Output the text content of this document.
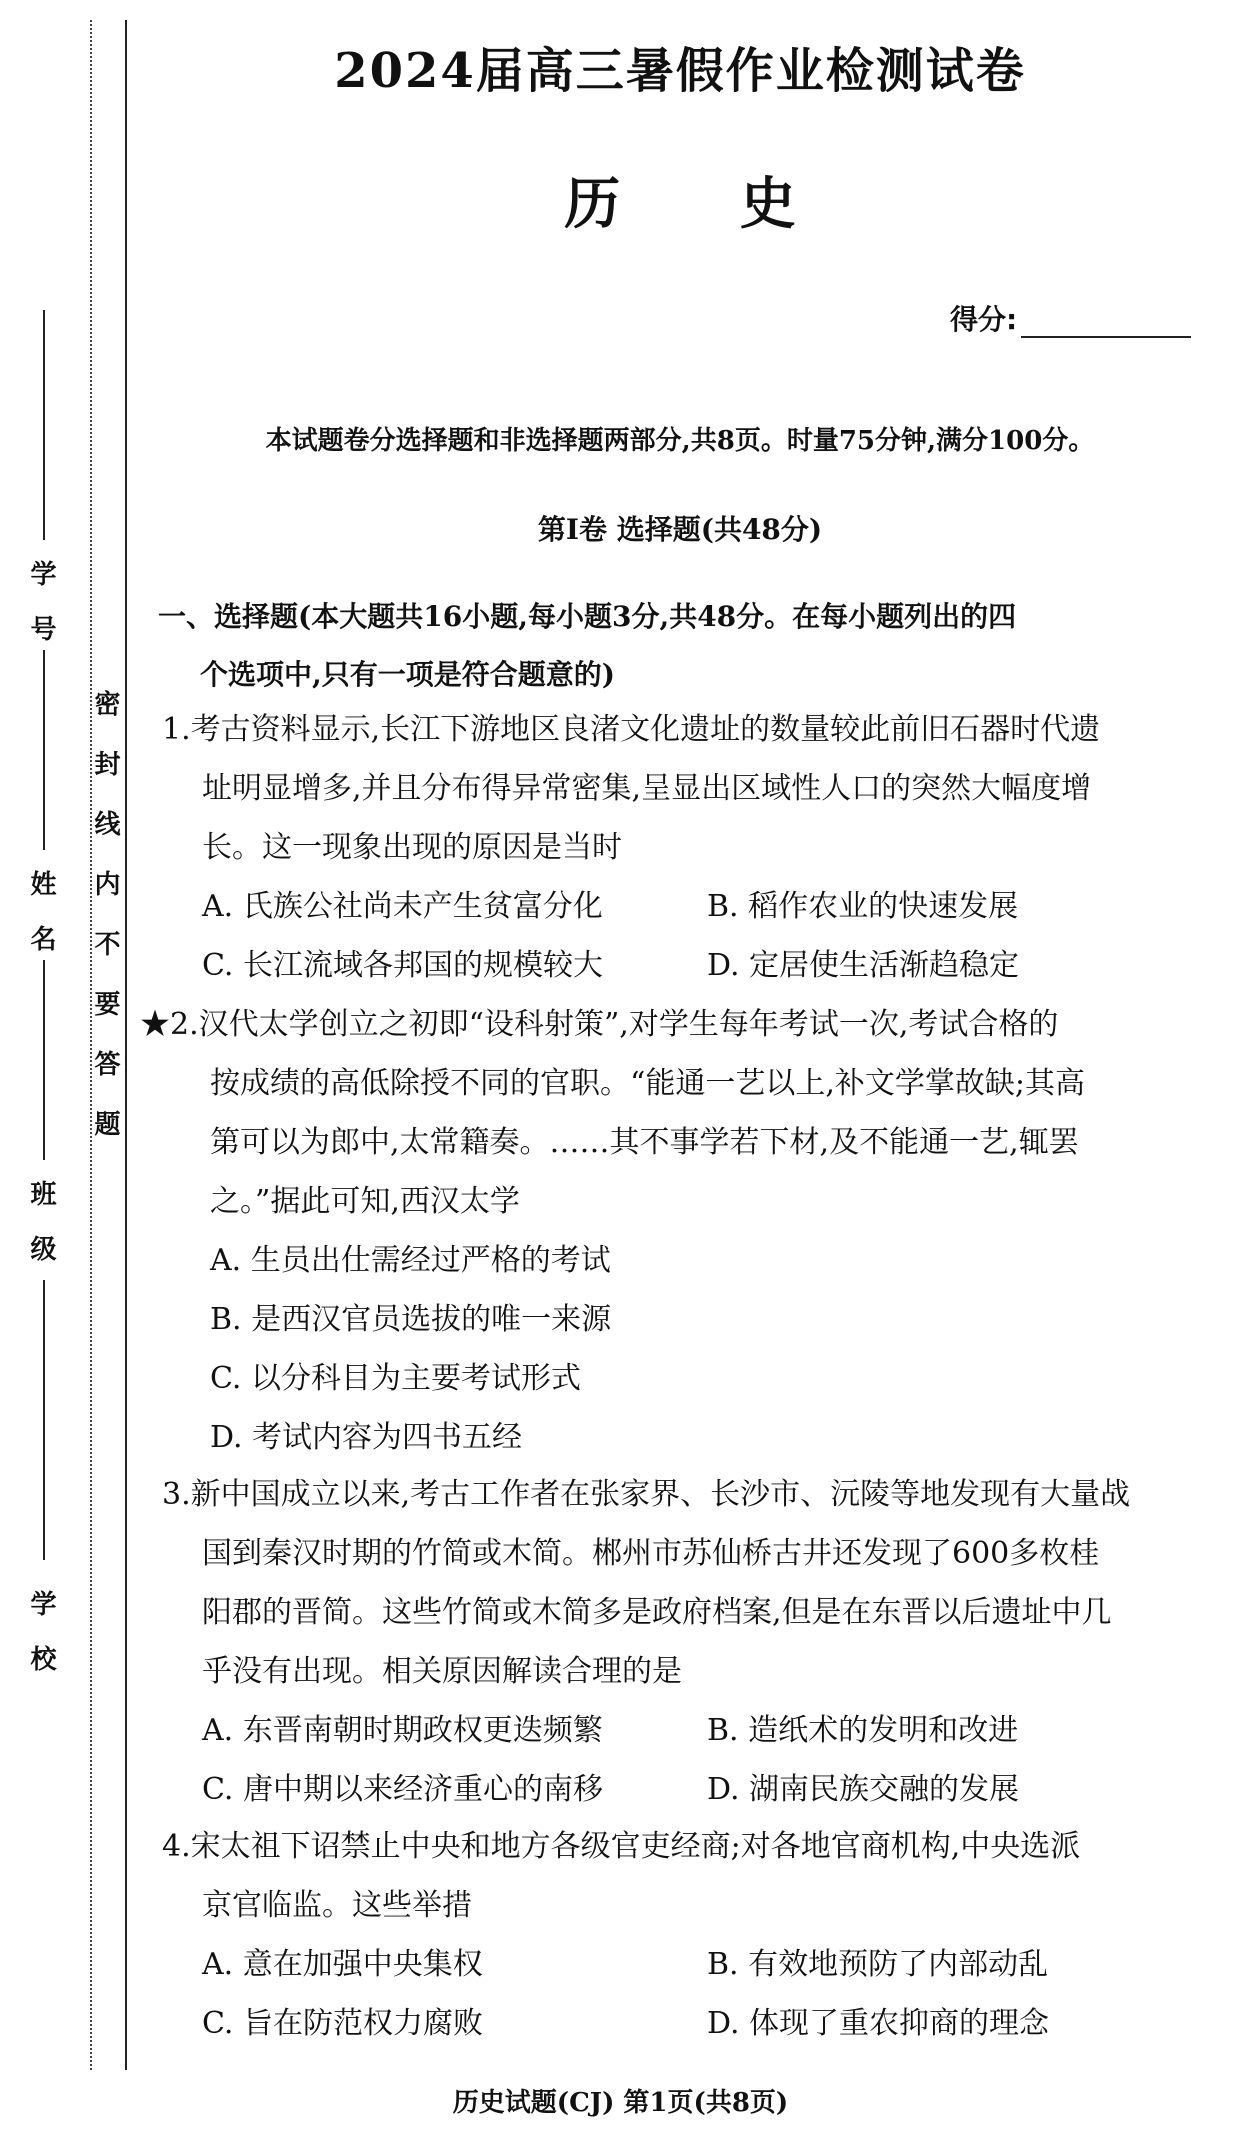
学 号
姓 名
班 级
学 校
密封线内不要答题
2024届高三暑假作业检测试卷
历 史
得分:
本试题卷分选择题和非选择题两部分,共8页。时量75分钟,满分100分。
第Ⅰ卷 选择题(共48分)
一、选择题(本大题共16小题,每小题3分,共48分。在每小题列出的四
个选项中,只有一项是符合题意的)
1.考古资料显示,长江下游地区良渚文化遗址的数量较此前旧石器时代遗
址明显增多,并且分布得异常密集,呈显出区域性人口的突然大幅度增
长。这一现象出现的原因是当时
A. 氏族公社尚未产生贫富分化	B. 稻作农业的快速发展
C. 长江流域各邦国的规模较大	D. 定居使生活渐趋稳定
★2.汉代太学创立之初即“设科射策”,对学生每年考试一次,考试合格的
按成绩的高低除授不同的官职。“能通一艺以上,补文学掌故缺;其高
第可以为郎中,太常籍奏。……其不事学若下材,及不能通一艺,辄罢
之。”据此可知,西汉太学
A. 生员出仕需经过严格的考试
B. 是西汉官员选拔的唯一来源
C. 以分科目为主要考试形式
D. 考试内容为四书五经
3.新中国成立以来,考古工作者在张家界、长沙市、沅陵等地发现有大量战
国到秦汉时期的竹简或木简。郴州市苏仙桥古井还发现了600多枚桂
阳郡的晋简。这些竹简或木简多是政府档案,但是在东晋以后遗址中几
乎没有出现。相关原因解读合理的是
A. 东晋南朝时期政权更迭频繁	B. 造纸术的发明和改进
C. 唐中期以来经济重心的南移	D. 湖南民族交融的发展
4.宋太祖下诏禁止中央和地方各级官吏经商;对各地官商机构,中央选派
京官临监。这些举措
A. 意在加强中央集权	B. 有效地预防了内部动乱
C. 旨在防范权力腐败	D. 体现了重农抑商的理念
历史试题(CJ) 第1页(共8页)
